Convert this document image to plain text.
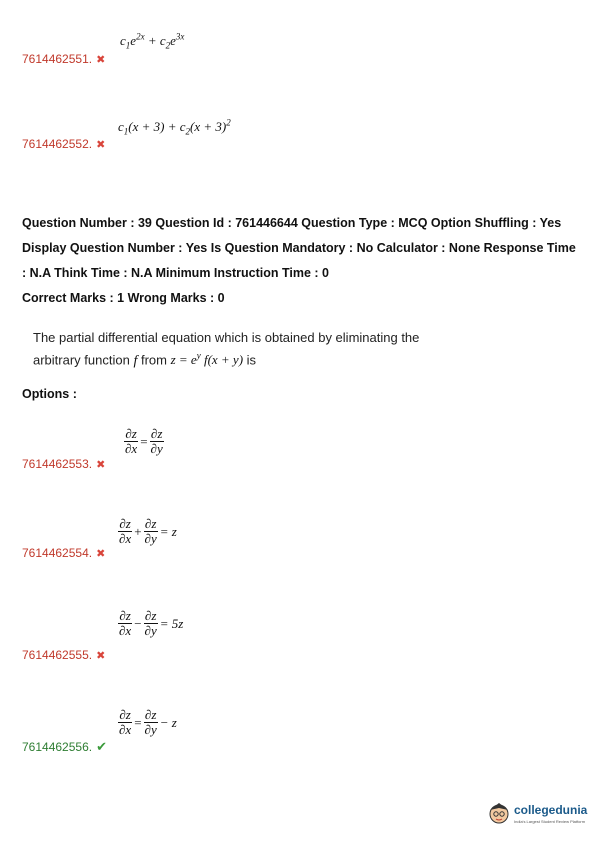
$c_1e^{2x} + c_2e^{3x}$
7614462551. ✖
$c_1(x + 3) + c_2(x + 3)^2$
7614462552. ✖
Question Number : 39 Question Id : 761446644 Question Type : MCQ Option Shuffling : Yes
Display Question Number : Yes Is Question Mandatory : No Calculator : None Response Time
: N.A Think Time : N.A Minimum Instruction Time : 0
Correct Marks : 1 Wrong Marks : 0
The partial differential equation which is obtained by eliminating the
arbitrary function f from $z = e^y$ f(x + y) is
Options :
$\frac{\partial z}{\partial x} = \frac{\partial z}{\partial y}$
7614462553. ✖
$\frac{\partial z}{\partial x} + \frac{\partial z}{\partial y} = z$
7614462554. ✖
$\frac{\partial z}{\partial x} - \frac{\partial z}{\partial y} = 5z$
7614462555. ✖
$\frac{\partial z}{\partial x} = \frac{\partial z}{\partial y} - z$
7614462556. ✔
collegedunia
India's Largest Student Review Platform
